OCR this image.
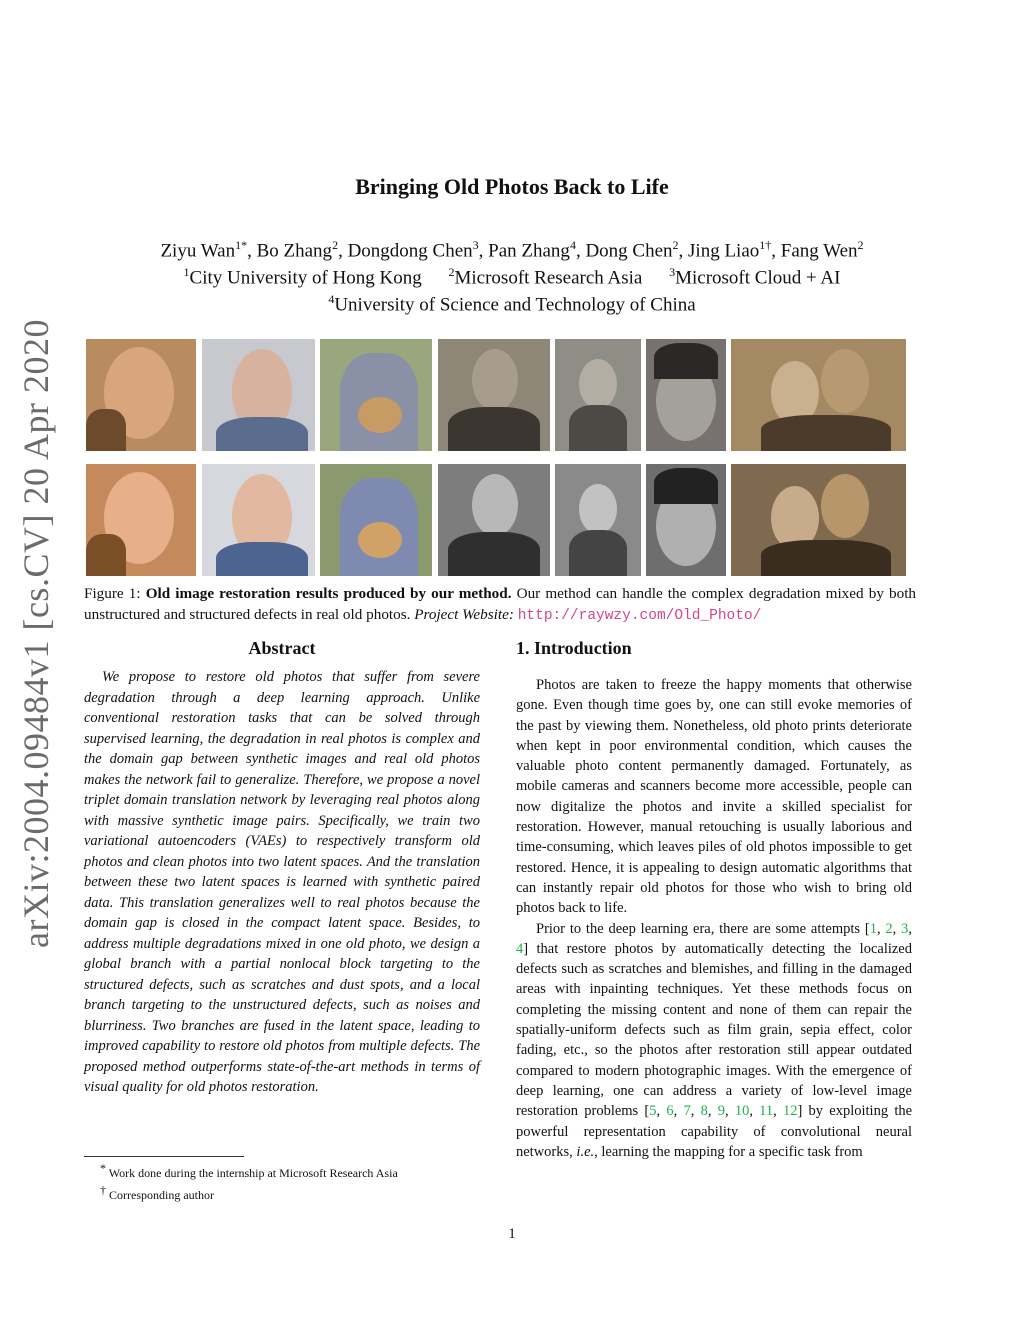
arXiv:2004.09484v1 [cs.CV] 20 Apr 2020
Bringing Old Photos Back to Life
Ziyu Wan$^{1*}$, Bo Zhang$^2$, Dongdong Chen$^3$, Pan Zhang$^4$, Dong Chen$^2$, Jing Liao$^{1\dagger}$, Fang Wen$^2$
$^1$City University of Hong Kong $^2$Microsoft Research Asia $^3$Microsoft Cloud + AI
$^4$University of Science and Technology of China
Figure 1: Old image restoration results produced by our method. Our method can handle the complex degradation mixed by both unstructured and structured defects in real old photos. Project Website: http://raywzy.com/Old_Photo/
Abstract
We propose to restore old photos that suffer from severe degradation through a deep learning approach. Unlike conventional restoration tasks that can be solved through supervised learning, the degradation in real photos is complex and the domain gap between synthetic images and real old photos makes the network fail to generalize. Therefore, we propose a novel triplet domain translation network by leveraging real photos along with massive synthetic image pairs. Specifically, we train two variational autoencoders (VAEs) to respectively transform old photos and clean photos into two latent spaces. And the translation between these two latent spaces is learned with synthetic paired data. This translation generalizes well to real photos because the domain gap is closed in the compact latent space. Besides, to address multiple degradations mixed in one old photo, we design a global branch with a partial nonlocal block targeting to the structured defects, such as scratches and dust spots, and a local branch targeting to the unstructured defects, such as noises and blurriness. Two branches are fused in the latent space, leading to improved capability to restore old photos from multiple defects. The proposed method outperforms state-of-the-art methods in terms of visual quality for old photos restoration.
* Work done during the internship at Microsoft Research Asia
† Corresponding author
1. Introduction

Photos are taken to freeze the happy moments that otherwise gone. Even though time goes by, one can still evoke memories of the past by viewing them. Nonetheless, old photo prints deteriorate when kept in poor environmental condition, which causes the valuable photo content permanently damaged. Fortunately, as mobile cameras and scanners become more accessible, people can now digitalize the photos and invite a skilled specialist for restoration. However, manual retouching is usually laborious and time-consuming, which leaves piles of old photos impossible to get restored. Hence, it is appealing to design automatic algorithms that can instantly repair old photos for those who wish to bring old photos back to life.

Prior to the deep learning era, there are some attempts [1, 2, 3, 4] that restore photos by automatically detecting the localized defects such as scratches and blemishes, and filling in the damaged areas with inpainting techniques. Yet these methods focus on completing the missing content and none of them can repair the spatially-uniform defects such as film grain, sepia effect, color fading, etc., so the photos after restoration still appear outdated compared to modern photographic images. With the emergence of deep learning, one can address a variety of low-level image restoration problems [5, 6, 7, 8, 9, 10, 11, 12] by exploiting the powerful representation capability of convolutional neural networks, i.e., learning the mapping for a specific task from

1
